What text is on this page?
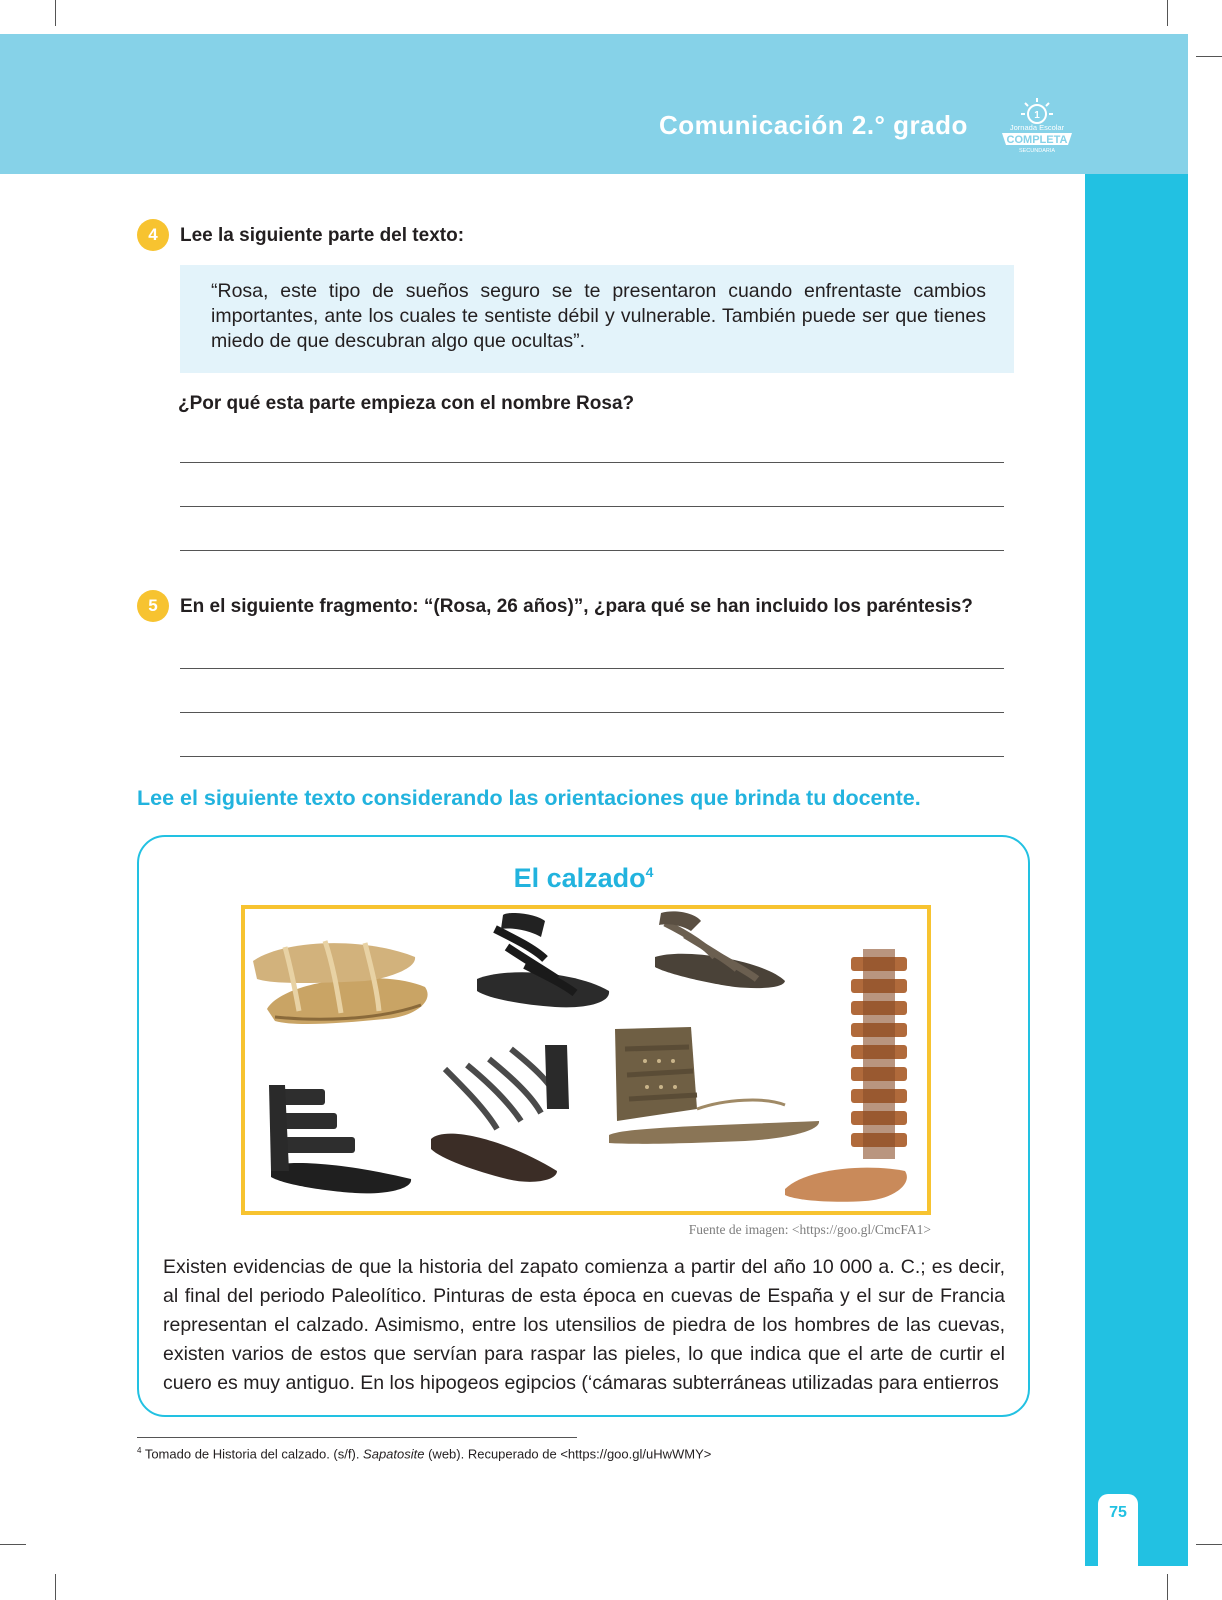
Comunicación 2.° grado	1
Jornada Escolar
COMPLETA
SECUNDARIA
75
4	Lee la siguiente parte del texto:
“Rosa, este tipo de sueños seguro se te presentaron cuando enfrentaste cambios importantes, ante los cuales te sentiste débil y vulnerable. También puede ser que tienes miedo de que descubran algo que ocultas”.
¿Por qué esta parte empieza con el nombre Rosa?
5	En el siguiente fragmento: “(Rosa, 26 años)”, ¿para qué se han incluido los paréntesis?
Lee el siguiente texto considerando las orientaciones que brinda tu docente.
El calzado$^4$
Fuente de imagen: <https://goo.gl/CmcFA1>
Existen evidencias de que la historia del zapato comienza a partir del año 10 000 a. C.; es decir, al final del periodo Paleolítico. Pinturas de esta época en cuevas de España y el sur de Francia representan el calzado. Asimismo, entre los utensilios de piedra de los hombres de las cuevas, existen varios de estos que servían para raspar las pieles, lo que indica que el arte de curtir el cuero es muy antiguo. En los hipogeos egipcios (‘cámaras subterráneas utilizadas para entierros
$^4$ Tomado de Historia del calzado. (s/f). Sapatosite (web). Recuperado de <https://goo.gl/uHwWMY>
